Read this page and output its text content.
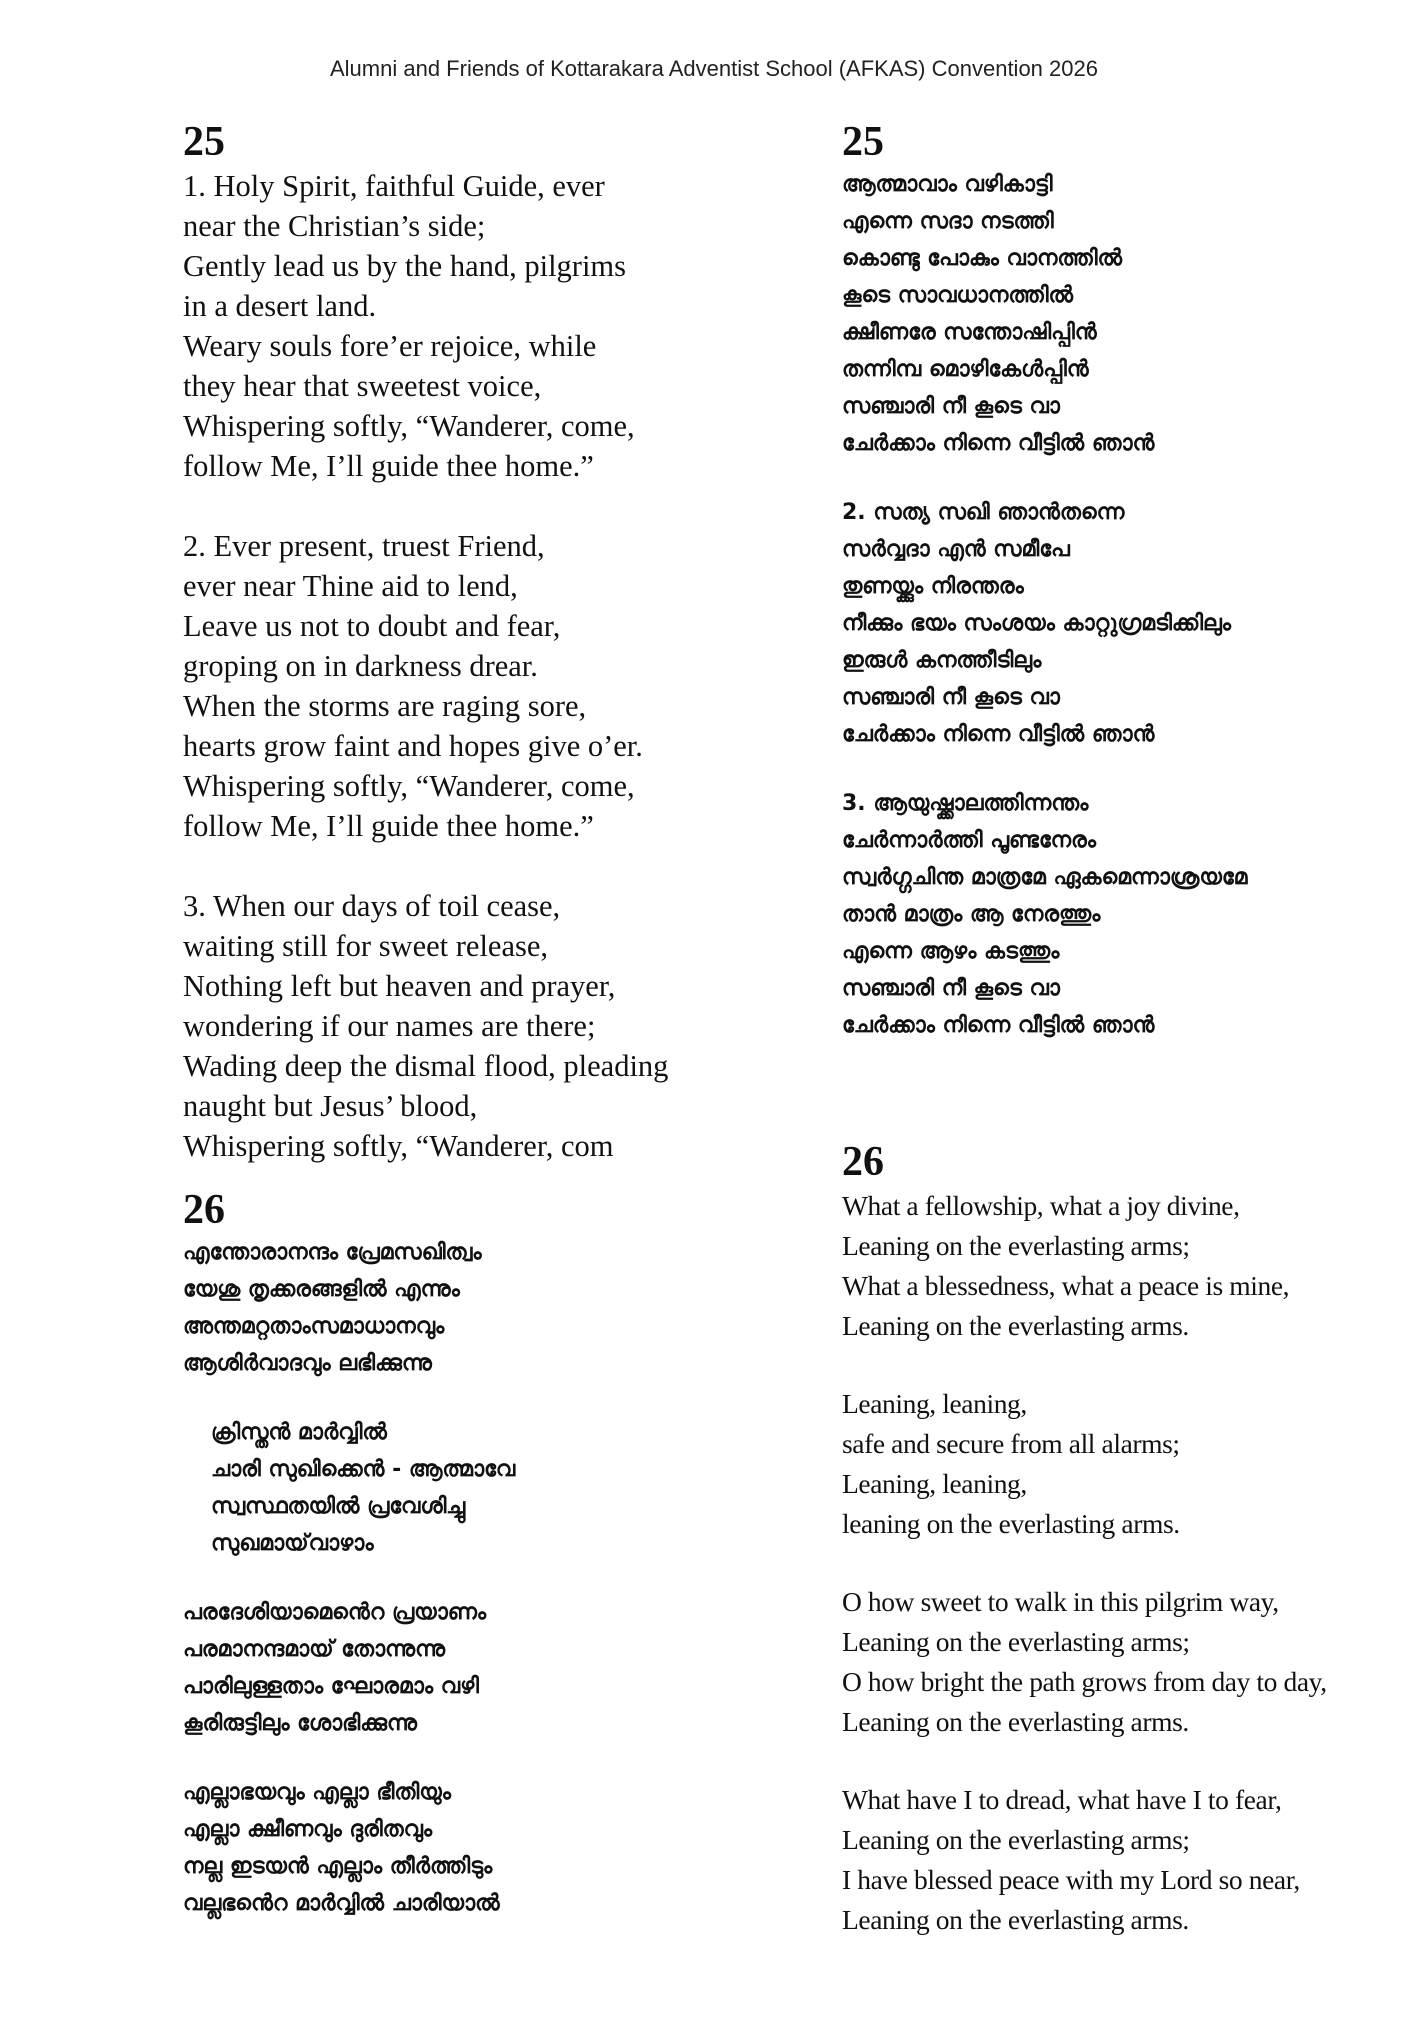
Alumni and Friends of Kottarakara Adventist School (AFKAS) Convention 2026
25
1. Holy Spirit, faithful Guide, ever
near the Christian’s side;
Gently lead us by the hand, pilgrims
in a desert land.
Weary souls fore’er rejoice, while
they hear that sweetest voice,
Whispering softly, “Wanderer, come,
follow Me, I’ll guide thee home.”
2. Ever present, truest Friend,
ever near Thine aid to lend,
Leave us not to doubt and fear,
groping on in darkness drear.
When the storms are raging sore,
hearts grow faint and hopes give o’er.
Whispering softly, “Wanderer, come,
follow Me, I’ll guide thee home.”
3. When our days of toil cease,
waiting still for sweet release,
Nothing left but heaven and prayer,
wondering if our names are there;
Wading deep the dismal flood, pleading
naught but Jesus’ blood,
Whispering softly, “Wanderer, com
26
എന്തോരാനന്ദം പ്രേമസഖിത്വം
യേശു തൃക്കരങ്ങളിൽ എന്നും
അന്തമറ്റതാംസമാധാനവും
ആശിർവാദവും ലഭിക്കുന്നു
ക്രിസ്തൻ മാർവ്വിൽ
ചാരി സുഖിക്കെൻ - ആത്മാവേ
സ്വസ്ഥതയിൽ പ്രവേശിച്ചു
സുഖമായ്‌വാഴാം
പരദേശിയാമെൻെറ പ്രയാണം
പരമാനന്ദമായ് തോന്നുന്നു
പാരിലുള്ളതാം ഘോരമാം വഴി
കൂരിരുട്ടിലും ശോഭിക്കുന്നു
എല്ലാഭയവും എല്ലാ ഭീതിയും
എല്ലാ ക്ഷീണവും ദുരിതവും
നല്ല ഇടയൻ എല്ലാം തീർത്തിടും
വല്ലഭൻെറ മാർവ്വിൽ ചാരിയാൽ
25
ആത്മാവാം വഴികാട്ടി
എന്നെ സദാ നടത്തി
കൊണ്ടു പോകും വാനത്തിൽ
കൂടെ സാവധാനത്തിൽ
ക്ഷീണരേ സന്തോഷിപ്പിൻ
തന്നിമ്പ മൊഴികേൾപ്പിൻ
സഞ്ചാരി നീ കൂടെ വാ
ചേർക്കാം നിന്നെ വീട്ടിൽ ഞാൻ
2. സത്യ സഖി ഞാൻതന്നെ
സർവ്വദാ എൻ സമീപേ
തുണയ്ക്കും നിരന്തരം
നീക്കും ഭയം സംശയം കാറ്റുഗ്രമടിക്കിലും
ഇരുൾ കനത്തീടിലും
സഞ്ചാരി നീ കൂടെ വാ
ചേർക്കാം നിന്നെ വീട്ടിൽ ഞാൻ
3. ആയുഷ്ക്കാലത്തിന്നന്തം
ചേർന്നാർത്തി പൂണ്ടനേരം
സ്വർഗ്ഗചിന്ത മാത്രമേ ഏകമെന്നാശ്രയമേ
താൻ മാത്രം ആ നേരത്തും
എന്നെ ആഴം കടത്തും
സഞ്ചാരി നീ കൂടെ വാ
ചേർക്കാം നിന്നെ വീട്ടിൽ ഞാൻ
26
What a fellowship, what a joy divine,
Leaning on the everlasting arms;
What a blessedness, what a peace is mine,
Leaning on the everlasting arms.
Leaning, leaning,
safe and secure from all alarms;
Leaning, leaning,
leaning on the everlasting arms.
O how sweet to walk in this pilgrim way,
Leaning on the everlasting arms;
O how bright the path grows from day to day,
Leaning on the everlasting arms.
What have I to dread, what have I to fear,
Leaning on the everlasting arms;
I have blessed peace with my Lord so near,
Leaning on the everlasting arms.
